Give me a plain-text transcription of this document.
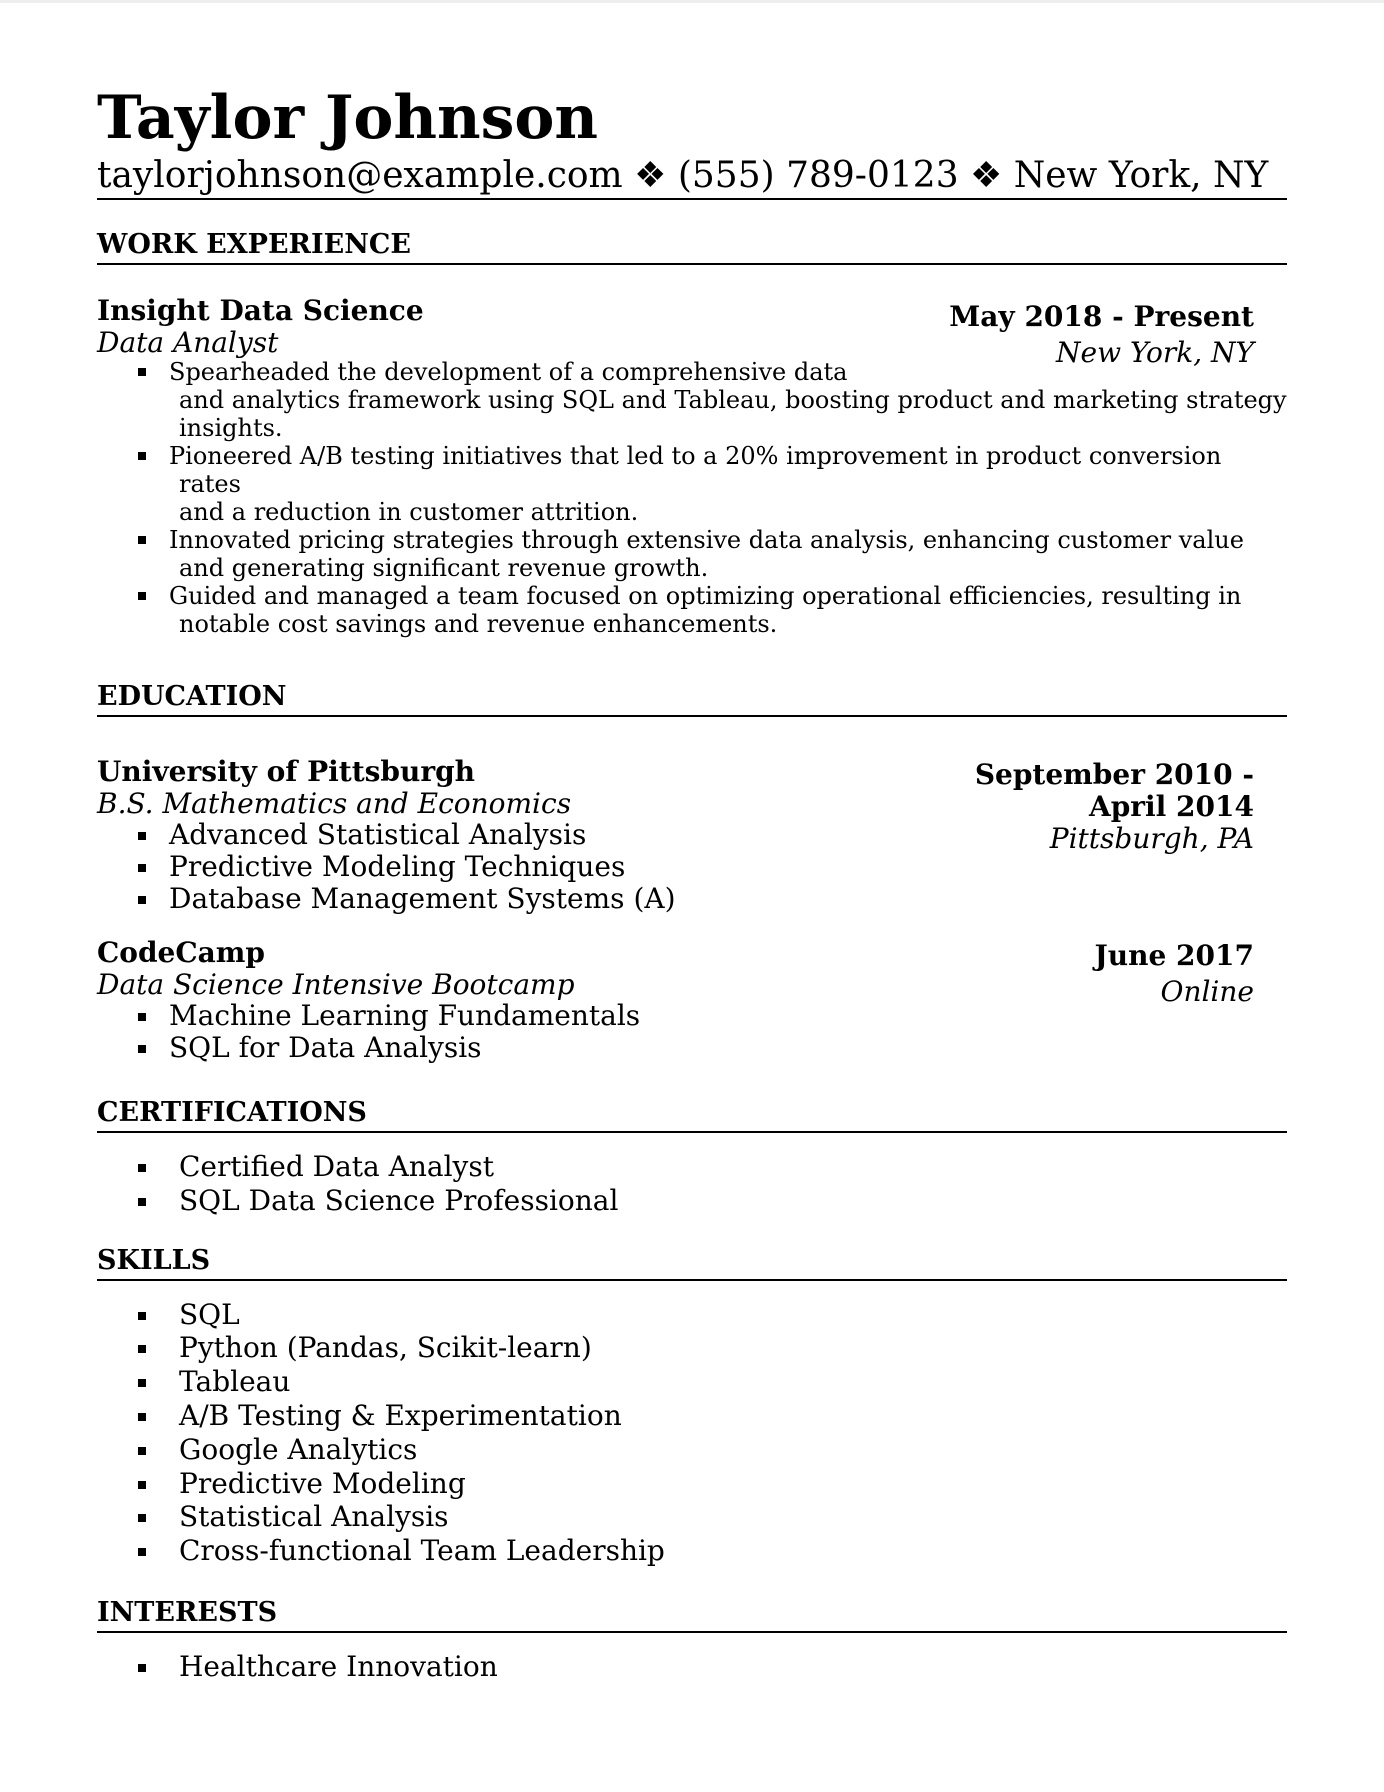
Taylor Johnson
taylorjohnson@example.com ❖ (555) 789-0123 ❖ New York, NY
WORK EXPERIENCE
Insight Data Science
Data Analyst
May 2018 - Present
New York, NY
Spearheaded the development of a comprehensive data
and analytics framework using SQL and Tableau, boosting product and marketing strategy
insights.
Pioneered A/B testing initiatives that led to a 20% improvement in product conversion rates
and a reduction in customer attrition.
Innovated pricing strategies through extensive data analysis, enhancing customer value
and generating significant revenue growth.
Guided and managed a team focused on optimizing operational efficiencies, resulting in
notable cost savings and revenue enhancements.
EDUCATION
University of Pittsburgh
B.S. Mathematics and Economics
September 2010 -
April 2014
Pittsburgh, PA
Advanced Statistical Analysis
Predictive Modeling Techniques
Database Management Systems (A)
CodeCamp
Data Science Intensive Bootcamp
June 2017
Online
Machine Learning Fundamentals
SQL for Data Analysis
CERTIFICATIONS
Certified Data Analyst
SQL Data Science Professional
SKILLS
SQL
Python (Pandas, Scikit-learn)
Tableau
A/B Testing & Experimentation
Google Analytics
Predictive Modeling
Statistical Analysis
Cross-functional Team Leadership
INTERESTS
Healthcare Innovation
